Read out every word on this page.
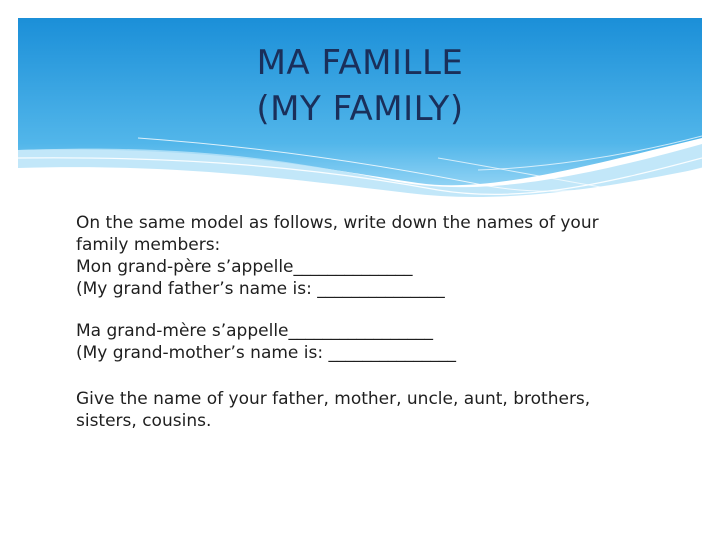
MA FAMILLE
(MY FAMILY)

On the same model as follows, write down the names of your

family members:

Mon grand-père s’appelle______________

(My grand father’s name is: _______________

Ma grand-mère s’appelle_________________

(My grand-mother’s name is: _______________

Give the name of your father, mother, uncle, aunt, brothers,

sisters, cousins.
